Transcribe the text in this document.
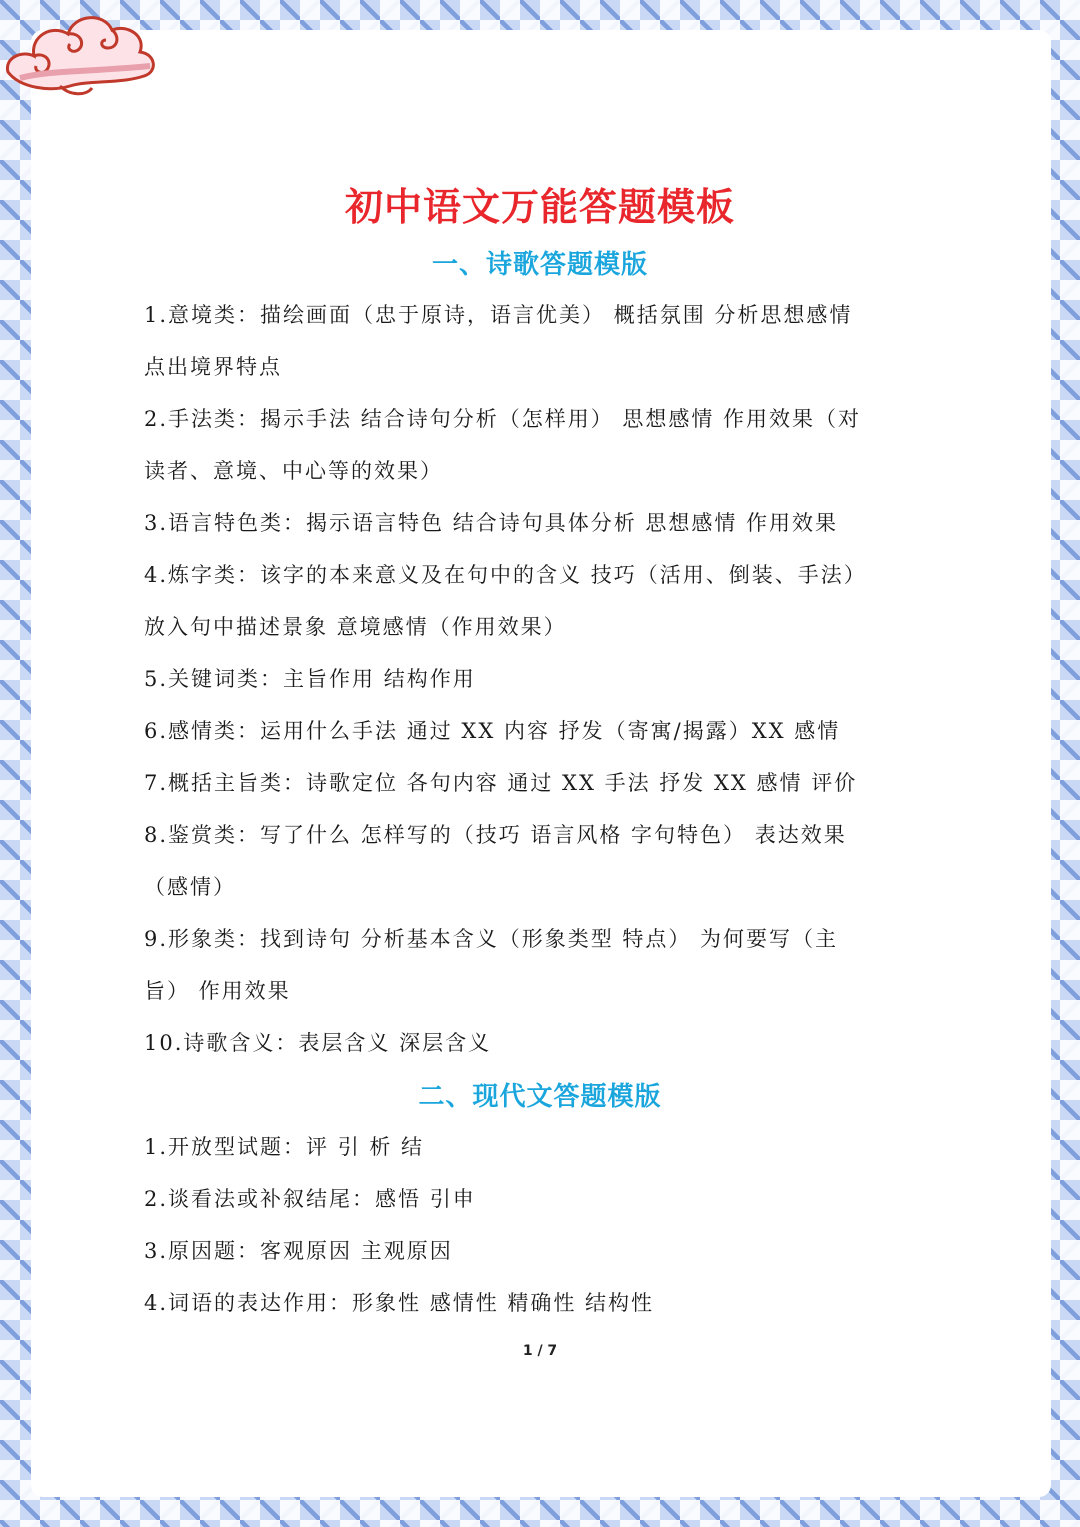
初中语文万能答题模板
一、诗歌答题模版
1.意境类：描绘画面（忠于原诗，语言优美） 概括氛围 分析思想感情
点出境界特点
2.手法类：揭示手法 结合诗句分析（怎样用） 思想感情 作用效果（对
读者、意境、中心等的效果）
3.语言特色类：揭示语言特色 结合诗句具体分析 思想感情 作用效果
4.炼字类：该字的本来意义及在句中的含义 技巧（活用、倒装、手法）
放入句中描述景象 意境感情（作用效果）
5.关键词类：主旨作用 结构作用
6.感情类：运用什么手法 通过 XX 内容 抒发（寄寓/揭露）XX 感情
7.概括主旨类：诗歌定位 各句内容 通过 XX 手法 抒发 XX 感情 评价
8.鉴赏类：写了什么 怎样写的（技巧 语言风格 字句特色） 表达效果
（感情）
9.形象类：找到诗句 分析基本含义（形象类型 特点） 为何要写（主
旨） 作用效果
10.诗歌含义：表层含义 深层含义
二、现代文答题模版
1.开放型试题：评 引 析 结
2.谈看法或补叙结尾：感悟 引申
3.原因题：客观原因 主观原因
4.词语的表达作用：形象性 感情性 精确性 结构性
1 / 7
